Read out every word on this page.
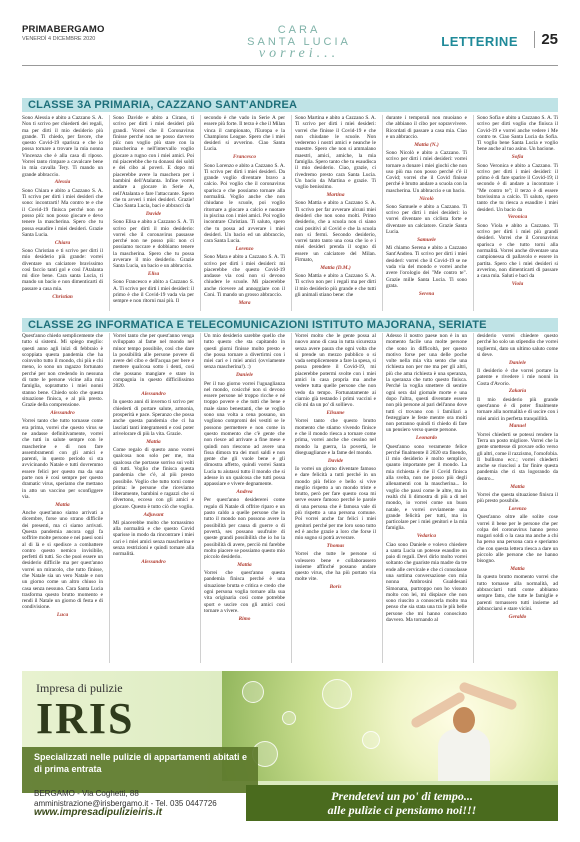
PRIMABERGAMO
VENERDÌ 4 DICEMBRE 2020
CARA
SANTA LUCIA
vorrei...
LETTERINE	25
CLASSE 3A PRIMARIA, CAZZANO SANT'ANDREA

Sono Alessia e abito a Cazzano S. A. Non ti scrivo per chiederti dei regali, ma per dirti il mio desiderio più grande. Ti chiedo, per favore, che questo Covid-19 sparisca e che io possa tornare a trovare la mia nonna Vincenza che è alla casa di riposo. Vorrei tanto rimpare a cavalcare bene in mia cavalla Tery. Ti mando un grande abbraccio.

Alessia

Sono Chiara e abito a Cazzano S. A. Ti scrivo per dirti i miei desideri che sono: incontrarti! Ma contro te e che il Covid-19 finisca perché non ne posso più: non posso giocare e devo tenere la mascherina. Spero che tu possa esaudire i miei desideri. Grazie Santa Lucia.

Chiara

Sono Christian e ti scrivo per dirti il mio desiderio più grande: vorrei diventare un calciatore bravissimo così faccio tanti gol e così l'Atalanta mi dice bene. Cara santa Lucia, ti mando un bacio e non dimenticarti di passare a casa mia.

Christian

Sono Davide e abito a Cirano, ti scrivo per dirti i miei desideri più grandi. Vorrei che il Coronavirus finisse perché non ne posso davvero più: non voglio più stare con la mascherina e nell'intervallo voglio giocare a rugno con i miei amici. Poi mi piacerebbe che tu donassi dei soldi e dei cibo ai poveri. E dopo mi piacerebbe avere la maschera per i bambini dell'Atalanta. Infine vorrei andare a giocare in Serie A, nell'Atalanta e fare l'attaccante. Spero che tu avveri i miei desideri. Grazie! Ciao Santa Lucia, baci e abbracci da

Davide

Sono Elisa e abito a Cazzano S. A. Ti scrivo per dirti il mio desiderio: vorrei che il coronavirus passasse perché non ne posso più: non ci possiamo toccare e dobbiamo tenere la mascherina. Spero che tu possa avverare il mio desiderio. Grazie Santa Lucia, un bacio e un abbraccio.

Elisa

Sono Francesco e abito a Cazzano S. A. Ti scrivo per dirti i miei desideri: il primo è che il Covid-19 vada via per sempre e non ritorni mai più. Il

secondo è che vado in Serie A per essere più forte. Il terzo è che il Milan vinca il campionato, l'Europa e la Champions League. Spero che i miei desideri si avverino. Ciao Santa Lucia.

Francesco

Sono Lorenzo e abito a Cazzano S. A. Ti scrivo per dirti i miei desideri. Da grande voglio diventare bravo a calcio. Poi voglio che il coronavirus sparisca e che possiamo tornare alla normalità. Voglio anche che non chiudano le scuole, poi voglio ritornare a giocare a calcio e nuotare in piscina con i miei amici. Poi voglio incontrare Christian. Ti saluto, spero che tu possa ad avverare i miei desideri. Un bacio ed un abbraccio, cara Santa Lucia.

Lorenzo

Sono Mara e abito a Cazzano S. A. Ti scrivo per dirti i miei desideri: mi piacerebbe che questo Covid-19 andasse via così non si devono chiudere le scuole. Mi piacerebbe anche ricevere ad annoggiare con il Coni. Ti mando un grosso abbraccio.

Mara

Sono Martina e abito a Cazzano S. A. Ti scrivo per dirti i miei desideri: vorrei che finisse il Covid-19 e che non chiudane le scuole. Non vederemo i nostri amici e neanche le maestre. Spero che non si ammalano maestri, amici, amiche, la mia famiglia. Spero tanto che tu esaudisca il mio desiderio. Ciao, grazie, ci rivedremo presto cara Santa Lucia. Un bacio da Martina e grazie. Ti voglio benissimo.

Martina

Sono Mattia e abito a Cazzano S. A. Ti scrivo per far avverare alcuni miei desideri che non sono molti. Primo desiderio, che a scuola non ci siano casi positivi al Covid e che la scuola non si fermi. Secondo desiderio, vorrei tanto tanto una cosa che io e i miei desideri prenda il sogno di essere un calciatore del Milan. Firmato,

Mattia (D.M.)

Sono Mattia e abito a Cazzano S. A. Ti scrivo non per i regali ma per dirti il mio desiderio più grande e che tutti gli animali stiano bene: che

durante i temporali non muoiano e che abbiano il cibo per sopravvivere. Ricordati di passare a casa mia. Ciao e un abbraccio.

Mattia (N.)

Sono Nicolò e abito a Cazzano. Ti scrivo per dirti i miei desideri: vorrei tornare a donare i miei giochi che non uso più ma non posso perché c'è il Covid; vorrei che il Covid finisse perché è brutto andare a scuola con la mascherina. Un abbraccio e un bacio.

Nicolò

Sono Samuele e abito a Cazzano. Ti scrivo per dirti i miei desideri: io vorrei diventare un ciclista forte e diventare un calciatore. Grazie Santa Lucia.

Samuele

Mi chiamo Serena e abito a Cazzano Sant'Andrea. Ti scrivo per dirti i miei desideri: vorrei che il Covid-19 se ne vada via del mondo e vorrei anche avere l'orologio dei "Me contro te". Grazie mille Santa Lucia. Ti sono grata.

Serena

Sono Sofia e abito a Cazzano S. A. Ti scrivo per dirti voglio che finisca il Covid-19 e vorrei anche vedere i Me contro te. Ciao Santa Lucia da Sofia. Ti voglio bene Santa Lucia e voglio bene anche al tuo asino. Un bacione.

Sofia

Sono Veronica e abito a Cazzano. Ti scrivo per dirti i miei desideri: il primo è di fare sparire il Covid-19; il secondo è di andare a incontrare i "Me contro te"; il terzo è di essere bravissima a calcio. Ti saluto, spero tanto che tu riesca a esaudire i miei desideri. Un bacio da

Veronica

Sono Viola e abito a Cazzano. Ti scrivo per dirti i miei più grandi desideri. Vorrei che il Coronavirus sparisca e che tutto torni alla normalità. Vorrei anche diventare una campionessa di pallavolo e essere in partita. Spero che i miei desideri si avverino, non dimenticarti di passare a casa mia. Saluti e baci da

Viola
CLASSE 2G INFORMATICA E TELECOMUNICAZIONI ISTITUTO MAJORANA, SERIATE

Quest'anno chiedo semplicemente che tutto si sistemi. Mi spiego meglio: questi anno agli inizi di febbraio è scoppiata questa pandemia che ha coinvolto tutto il mondo, chi più e chi meno, io sono un ragazzo fortunato perché per non credendo in nessuna di tutte le persone vicine alla mia famiglia, soprattutto i miei nonni stanno bene. Chiedo solo che questa situazione finisca, e al più presto. Grazie della comprensione.

Alessandro

Vorrei tanto che tutto tornasse come era prima, vorrei che questo virus se ne andasse definitivamente, vorrei che tutti in salute sempre con le mascherine e di non fare assembramenti con gli amici e parenti, in questo periodo si sta avvicinando Natale e tutti dovremmo essere felici per questo ma da una parte non è così sempre per questo dramatic virus, speriamo che mettano in atto un vaccino per sconfiggere via.

Mattia

Anche quest'anno siamo arrivati a dicembre, forse uno strano difficile dei presenti, ma ci siamo arrivati. Questa pandemia ancora oggi fa soffrire molte persone e nei paesi soni al di là e si spedisce a combattere contro questo nemico invisibile, perfetti di tutti. So che puoi essere un desiderio difficile ma per quest'anno vorrei un miracolo, che tutto finisse, che Natale sia un vero Natale e non un giorno come un altro chiuso in casa senza nessuno. Cara Santa Lucia trasforma questo brutto momento e rendi il Natale un giorno di festa e di condivisione.

Luca

Vorrei tanto che per quest'anno venga sviluppato al fame nel mondo nel minor tempo possibile, così che dare la possibilità alle persone povere di avere del cibo e dell'acqua per bere e mettere qualcosa sotto i denti, così che possano mangiare e stare in compagnia in questo difficilissimo 2020.

Alessandro

In questo anni di inverno ti scrivo per chiederti di portare salute, armonia, prosperità e pace. Speranzo che possa anche questa pandemia che ci ha lasciati tanti integramenti e così poter arivelorare di più la vita. Grazie.

Mattia

Come regalo di questo anno vorrei qualcosa non solo per me, ma qualcosa che portasse sorriso sui volti di tutti. Voglio che finisca questa pandemia che c'è, al più presto possibile. Voglio che tutto torni come prima: le persone che riceviamo liberamente, bambini e ragazzi che si divertono, ecceso con gli amici e giocare. Questo è tutto ciò che voglio.

Adjuvant

Mi piacerebbe molto che tornassimo alla normalità e che questo Covid sparisse in modo da rincontrare i miei cari e i miei amici senza mascherina e senza restrizioni e quindi tornare alla normalità.

Alessandro

Un mio desiderio sarebbe quello che tutto questo che sta capitando in questi giorni finisse molto presto e che possa tornare a divertirmi con i miei cari e i miei amici (ovviamente senza mascherina!). :)

Daniele

Per il tuo giorno vorrei l'uguaglianza nel mondo, cosicché non si devono essere persone né troppo ricche e né troppo povere e che tutti che bene e male siano benestanti, che se voglio sono una volta a cena possano, un vogliono compromi dei vestiti se le possono permettere e non come in questo momento che c'è gente che non riesce ad arrivare a fine mese e quindi non riescono ad avere una fissa dimora tra dei muri saldi e non gente che gli vuole bene e gli dimostra affetto, quindi vorrei Santa Lucia tu aiutassi tutto il mondo che si adesse in un qualcosa che tutti possa appassiare e vivere degnamente.

Andrea

Per quest'anno desidererei come regalo di Natale di offrire riparo e un pasto caldo a quelle persone che in tutto il mondo non possono avere la possibilità per causa di guerre o di povertà, ses possano usufruire di queste grandi possibilità che io ho la possibilità di avere, perciò mi farebbe molto piacere se possiamo questo mio piccolo desiderio.

Mattia

Vorrei che quest'anno questa pandemia finisca perché è una situazione brutta e critica e credo che ogni persona voglia tornare alla sua vita originaria così come potrebbe sport e uscire con gli amici cosi tornare a vivere.

Rimo

Vorrei molto che le gente possa al nuovo anno di casa in tutta sicurezza senza avere paura che ogni volta che si prende un mezzo pubblico o si vada semplicemente a fare la spesa, si possa prendere il Covid-19, mi piacerebbe potermi svolte con i miei amici in casa propria ma anche vedere tutta quelle persone che non vedo da tempo. Fortunatamente ai ciarnio già testando i primi vaccini e ciò mi da un po' di sollievo.

Elisume

Vorrei tanto che questo brutto momento che stiamo vivendo finisce e che il mondo riesca a tornare come prima, vorrei anche che cessino nel mondo la guerra, la povertà, le diseguaglianze e la fame del mondo.

Davide

Io vorrei un giorno diventare famoso e dare felicità a tutti perché in un mondo più felice e bello si vive meglio rispetto a un mondo triste e brutto, però per fare questo cosa mi serve essere famoso perché le parole di una persona che è famosa vale di più rispetto a una persona comune. Poi vorrei anche far felici i miei genitori perché per me loro sono tutto ed è anche grazie a loro che forse il mio sogno si potrà avverare.

Thomas

Vorrei che tutte le persone si volessero bene e collaborassero insieme affinché possano andare questo virus, che ha più portato via molte vite.

Boris

Adesso il nostro paese non è in un momento facile una molte persone che sono in difficoltà, per questo motivo forse per una delle poche volte nella mia vita sento che una richiesta non per me ma per gli altri, più che ama richiesta è una speranza, la speranza che tutto questo finisca. Perché la voglia smettere di sentire ogni sera dal giornale morte e una dopo l'altra, questi diventate essere non più persone al pari dell'anno dove tutti ci trovano con i familiari a festeggiare le feste mentre ora molti non potranno quindi ti chiedo di fare un pensiero verso queste persone.

Leonardo

Quest'anno sono veramente felice perché finalmente il 2020 sta finendo, il mio desiderio è molto semplice, quanto importante per il mondo. La mia richiesta è che il Covid finisca alla svelta, non ne posso più degli allenamenti con la mascherina... Io voglio che passi come le altre, ma in realtà chi li dimostra di più a di nel mondo, io vorrei come un buon natale, e vorrei ovviamente una grande felicità per tutti, ma in particolare per i miei genitori e la mia famiglia.

Vedarica

Ciao sono Daniele e volevo chiedere a santa Lucia un potesse esaudire un paio di regali. Devi dirlo molto vorrei soltanto che guariste mia madre da tre ende alle cervicale e che ci consolasse una sottima conversazione con mia nonna Ambrosini Gualdesani Simonana, purtroppo non ho vissuto molto con lei, mi dispiace che non sono riuscito a conoscerla molto ma penso che sia stata una tra le più belle persone che mi hanno conosciuto davvero. Ma tornando al

desiderio vorrei chiedere questo perché ho solo un stipendio che vorrei togliermi, dato un ultimo saluto come si deve.

Daniele

Il desiderio è che vorrei portare la patente e rivedere i mie nonni in Costa d'Avorio.

Zakaria

Il mio desiderio più grande quest'anno è di poter finalmente tornare alla normalità e di uscire con i miei amici in perfetta tranquillità.

Manuel

Vorrei chiederti se potessi rendere la Terra un posto migliore. Vorrei che la gente smettesse di provare odio verso gli altri, come il razzismo, l'omofobia. Il bullismo ecc.; vorrei chiederti anche se riuscissi a far finire questa pandemia che ci sta logorando da dentro...

Mattia

Vorrei che questa situazione finisca il più presto possibile.

Lorenzo

Quest'anno oltre alle solite cose vorrei il bene per le persone che per colpa del coronavirus hanno perso magari soldi o la casa ma anche a chi ha perso una persona cara e speriamo che con questa lettera riesca a dare un piccolo alle persone che ne hanno bisogno.

Mattia

In questo brutto momento vorrei che tutto tornasse alla normalità, ad abbracciarti tutti come abbiamo sempre fatto, che tutte le famiglie e parenti tornassero tutti insieme ad abbracciarsi e stare vicini.

Geraldo
Impresa di pulizie
IRIS
Specializzati nelle pulizie di appartamenti abitati e di prima entrata
BERGAMO - Via Coghetti, 88
amministrazione@irisbergamo.it - Tel. 035 0447726
www.impresadipulizieiris.it
Prendetevi un po' di tempo...
alle pulizie ci pensiamo noi!!!
